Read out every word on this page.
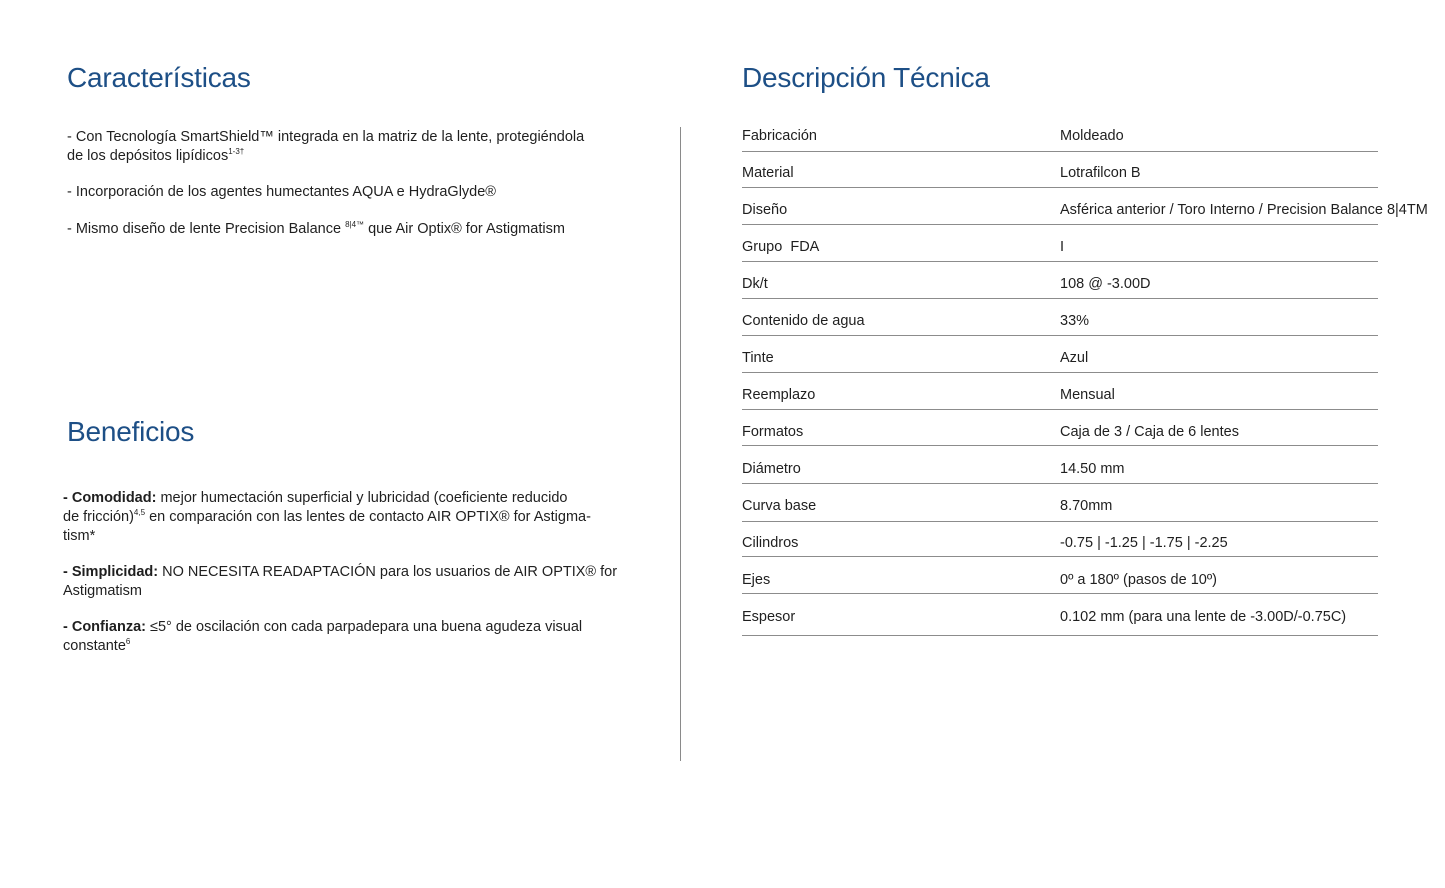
Características

- Con Tecnología SmartShield™ integrada en la matriz de la lente, protegiéndola
de los depósitos lipídicos$^{1-3\dagger}$

- Incorporación de los agentes humectantes AQUA e HydraGlyde®

- Mismo diseño de lente Precision Balance $^{8|4™}$ que Air Optix® for Astigmatism

Beneficios

- Comodidad: mejor humectación superficial y lubricidad (coeficiente reducido
de fricción)$^{4,5}$ en comparación con las lentes de contacto AIR OPTIX® for Astigma-
tism*

- Simplicidad: NO NECESITA READAPTACIÓN para los usuarios de AIR OPTIX® for
Astigmatism

- Confianza: ≤5° de oscilación con cada parpadepara una buena agudeza visual
constante$^6$

Descripción Técnica
Fabricación	Moldeado
Material	Lotrafilcon B
Diseño	Asférica anterior / Toro Interno / Precision Balance 8|4TM
Grupo  FDA	I
Dk/t	108 @ -3.00D
Contenido de agua	33%
Tinte	Azul
Reemplazo	Mensual
Formatos	Caja de 3 / Caja de 6 lentes
Diámetro	14.50 mm
Curva base	8.70mm
Cilindros	-0.75 | -1.25 | -1.75 | -2.25
Ejes	0º a 180º (pasos de 10º)
Espesor	0.102 mm (para una lente de -3.00D/-0.75C)
